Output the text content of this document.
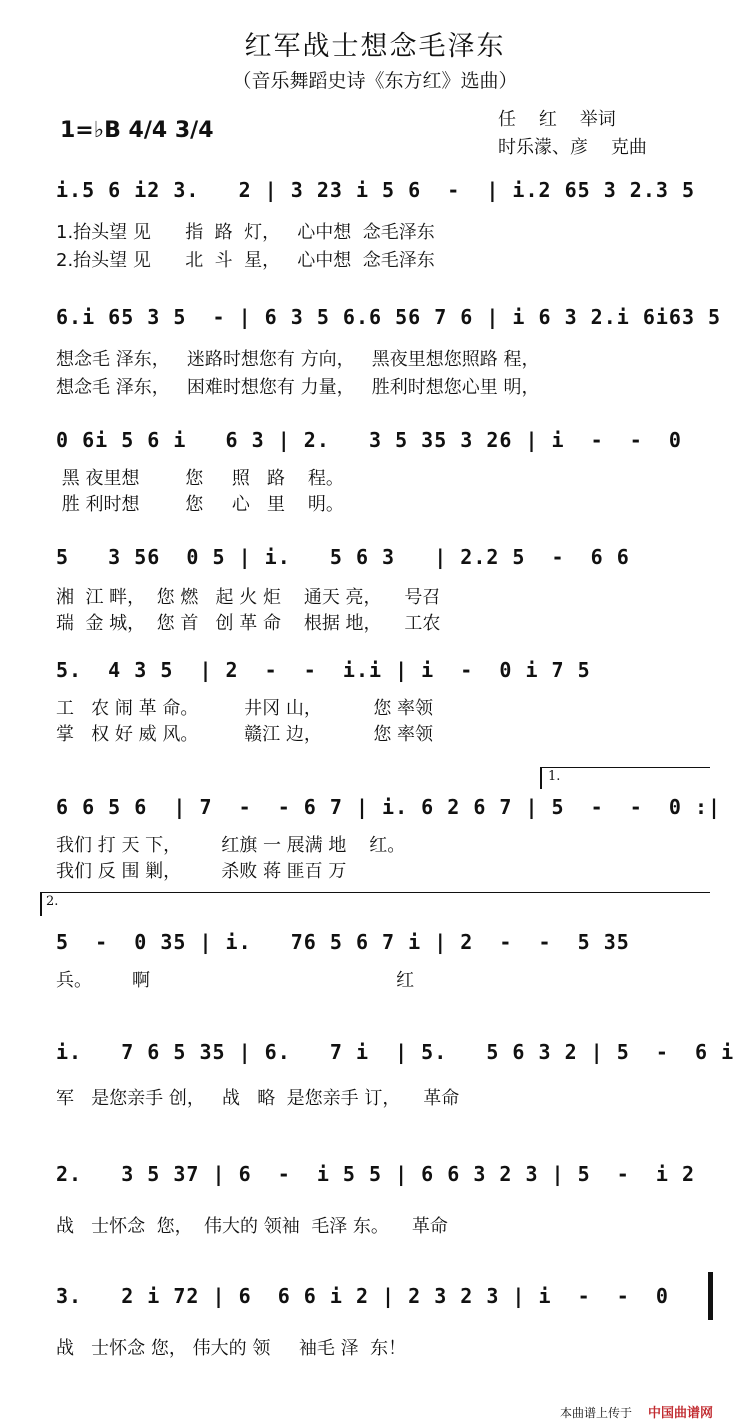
红军战士想念毛泽东
（音乐舞蹈史诗《东方红》选曲）
1=♭B 4/4 3/4	任    红    举词
时乐濛、彦    克曲
i.5 6 i2 3.   2 | 3 23 i 5 6  -  | i.2 65 3 2.3 5
1.抬头望 见      指  路  灯，   心中想  念毛泽东
2.抬头望 见      北  斗  星，   心中想  念毛泽东
6.i 65 3 5  - | 6 3 5 6.6 56 7 6 | i 6 3 2.i 6i63 5
想念毛 泽东，   迷路时想您有 方向，   黑夜里想您照路 程，
想念毛 泽东，   困难时想您有 力量，   胜利时想您心里 明，
0 6i 5 6 i   6 3 | 2.   3 5 35 3 26 | i  -  -  0
黑 夜里想        您     照   路    程。
胜 利时想        您     心   里    明。
5   3 56  0 5 | i.   5 6 3   | 2.2 5  -  6 6
湘  江 畔，  您 燃   起 火 炬    通天 亮，    号召
瑞  金 城，  您 首   创 革 命    根据 地，    工农
5.  4 3 5  | 2  -  -  i.i | i  -  0 i 7 5
工   农 闹 革 命。        井冈 山，         您 率领
掌   权 好 威 风。        赣江 边，         您 率领
1.
6 6 5 6  | 7  -  - 6 7 | i. 6 2 6 7 | 5  -  -  0 :|
我们 打 天 下，       红旗 一 展满 地    红。
我们 反 围 剿，       杀败 蒋 匪百 万
2.
5  -  0 35 | i.   76 5 6 7 i | 2  -  -  5 35
兵。       啊                                           红
i.   7 6 5 35 | 6.   7 i  | 5.   5 6 3 2 | 5  -  6 i
军   是您亲手 创，   战   略  是您亲手 订，    革命
2.   3 5 37 | 6  -  i 5 5 | 6 6 3 2 3 | 5  -  i 2
战   士怀念  您，  伟大的 领袖  毛泽 东。    革命
3.   2 i 72 | 6  6 6 i 2 | 2 3 2 3 | i  -  -  0
战   士怀念 您， 伟大的 领     袖毛 泽  东！
本曲谱上传于 中国曲谱网
